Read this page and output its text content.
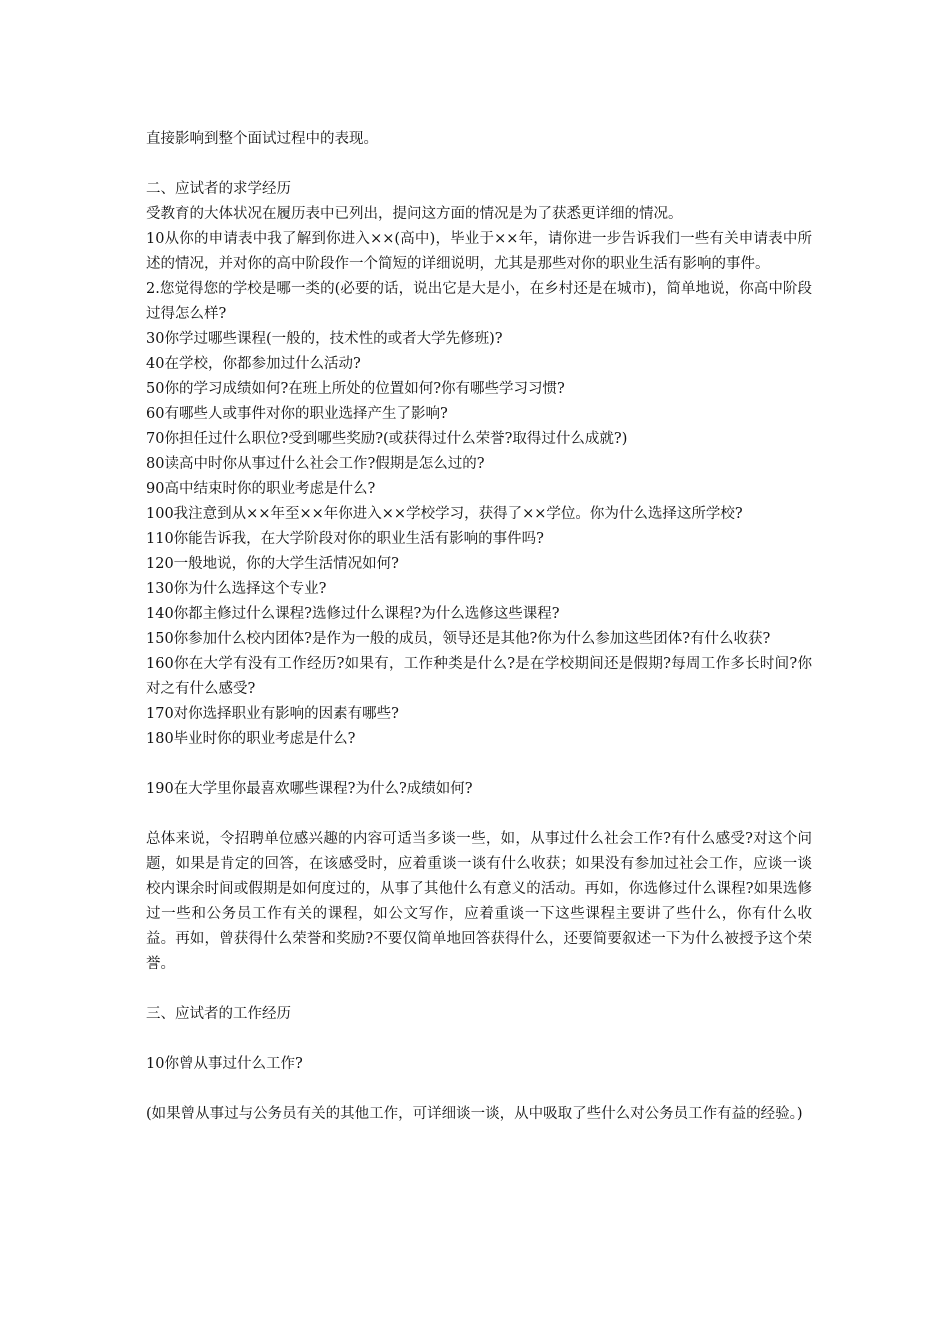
直接影响到整个面试过程中的表现。

二、应试者的求学经历

受教育的大体状况在履历表中已列出，提问这方面的情况是为了获悉更详细的情况。

10从你的申请表中我了解到你进入××(高中)，毕业于××年，请你进一步告诉我们一些有关申请表中所述的情况，并对你的高中阶段作一个简短的详细说明，尤其是那些对你的职业生活有影响的事件。

2.您觉得您的学校是哪一类的(必要的话，说出它是大是小，在乡村还是在城市)，简单地说，你高中阶段过得怎么样?

30你学过哪些课程(一般的，技术性的或者大学先修班)?

40在学校，你都参加过什么活动?

50你的学习成绩如何?在班上所处的位置如何?你有哪些学习习惯?

60有哪些人或事件对你的职业选择产生了影响?

70你担任过什么职位?受到哪些奖励?(或获得过什么荣誉?取得过什么成就?)

80读高中时你从事过什么社会工作?假期是怎么过的?

90高中结束时你的职业考虑是什么?

100我注意到从××年至××年你进入××学校学习，获得了××学位。你为什么选择这所学校?

110你能告诉我，在大学阶段对你的职业生活有影响的事件吗?

120一般地说，你的大学生活情况如何?

130你为什么选择这个专业?

140你都主修过什么课程?选修过什么课程?为什么选修这些课程?

150你参加什么校内团体?是作为一般的成员，领导还是其他?你为什么参加这些团体?有什么收获?

160你在大学有没有工作经历?如果有，工作种类是什么?是在学校期间还是假期?每周工作多长时间?你对之有什么感受?

170对你选择职业有影响的因素有哪些?

180毕业时你的职业考虑是什么?

190在大学里你最喜欢哪些课程?为什么?成绩如何?

总体来说，令招聘单位感兴趣的内容可适当多谈一些，如，从事过什么社会工作?有什么感受?对这个问题，如果是肯定的回答，在该感受时，应着重谈一谈有什么收获；如果没有参加过社会工作，应谈一谈校内课余时间或假期是如何度过的，从事了其他什么有意义的活动。再如，你选修过什么课程?如果选修过一些和公务员工作有关的课程，如公文写作，应着重谈一下这些课程主要讲了些什么，你有什么收益。再如，曾获得什么荣誉和奖励?不要仅简单地回答获得什么，还要简要叙述一下为什么被授予这个荣誉。

三、应试者的工作经历

10你曾从事过什么工作?

(如果曾从事过与公务员有关的其他工作，可详细谈一谈，从中吸取了些什么对公务员工作有益的经验。)
